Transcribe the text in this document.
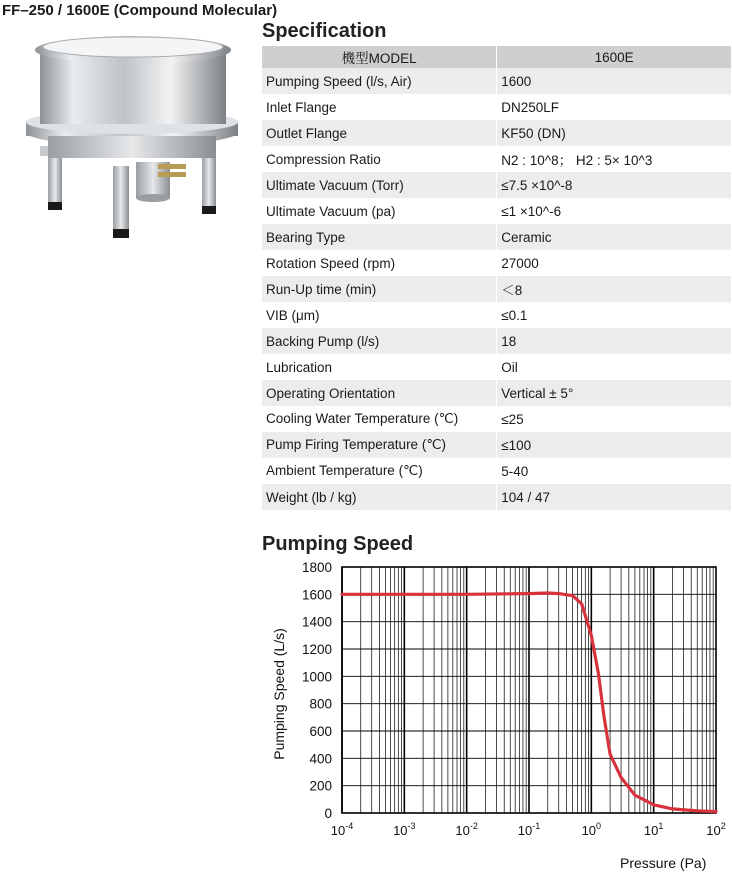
FF–250 / 1600E (Compound Molecular)
Specification
機型MODEL	1600E
Pumping Speed (l/s, Air)	1600
Inlet Flange	DN250LF
Outlet Flange	KF50 (DN)
Compression Ratio	N2 : 10^8； H2 : 5× 10^3
Ultimate Vacuum (Torr)	≤7.5 ×10^-8
Ultimate Vacuum (pa)	≤1 ×10^-6
Bearing Type	Ceramic
Rotation Speed (rpm)	27000
Run-Up time (min)	＜8
VIB (μm)	≤0.1
Backing Pump (l/s)	18
Lubrication	Oil
Operating Orientation	Vertical ± 5°
Cooling Water Temperature (℃)	≤25
Pump Firing Temperature (℃)	≤100
Ambient Temperature (℃)	5-40
Weight (lb / kg)	104 / 47
Pumping Speed
0
200
400
600
800
1000
1200
1400
1600
1800
$10^{-4}$	$10^{-3}$	$10^{-2}$	$10^{-1}$	$10^0$	$10^1$	$10^2$
Pressure (Pa)
Pumping Speed (L/s)
